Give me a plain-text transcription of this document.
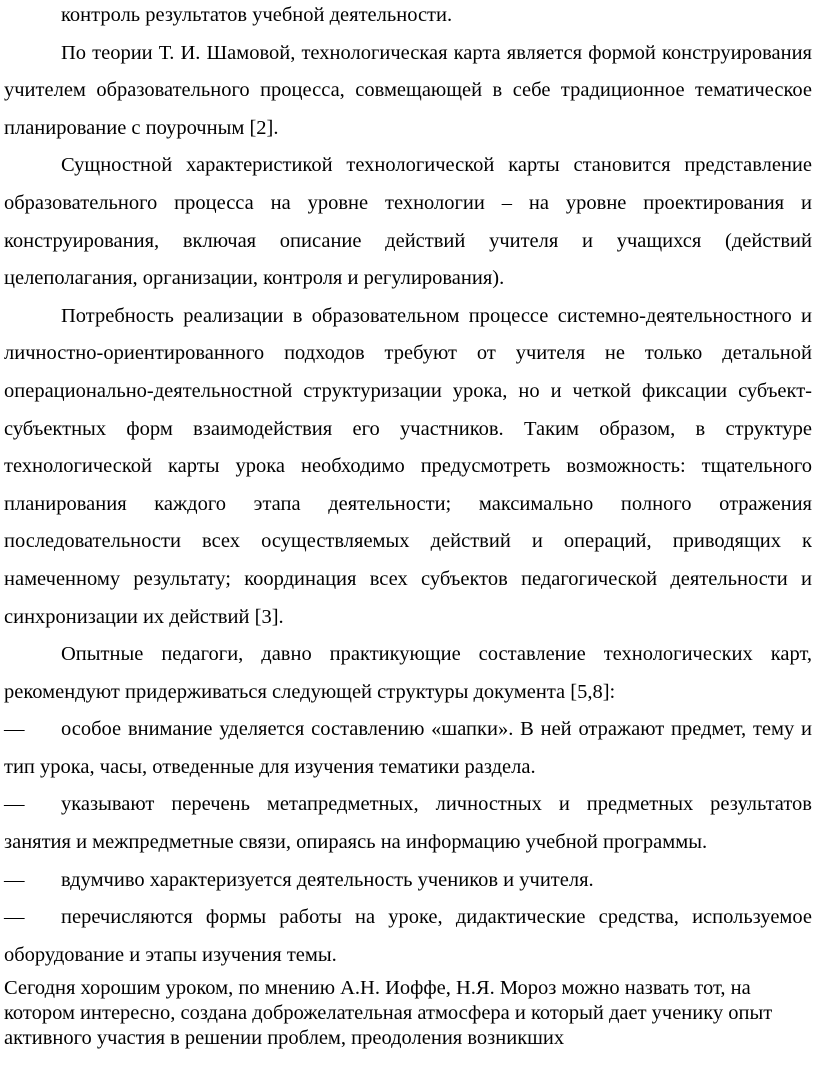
контроль результатов учебной деятельности.

По теории Т. И. Шамовой, технологическая карта является формой конструирования учителем образовательного процесса, совмещающей в себе традиционное тематическое планирование с поурочным [2].

Сущностной характеристикой технологической карты становится представление образовательного процесса на уровне технологии – на уровне проектирования и конструирования, включая описание действий учителя и учащихся (действий целеполагания, организации, контроля и регулирования).

Потребность реализации в образовательном процессе системно-деятельностного и личностно-ориентированного подходов требуют от учителя не только детальной операционально-деятельностной структуризации урока, но и четкой фиксации субъект-субъектных форм взаимодействия его участников. Таким образом, в структуре технологической карты урока необходимо предусмотреть возможность: тщательного планирования каждого этапа деятельности; максимально полного отражения последовательности всех осуществляемых действий и операций, приводящих к намеченному результату; координация всех субъектов педагогической деятельности и синхронизации их действий [3].

Опытные педагоги, давно практикующие составление технологических карт, рекомендуют придерживаться следующей структуры документа [5,8]:

— особое внимание уделяется составлению «шапки». В ней отражают предмет, тему и тип урока, часы, отведенные для изучения тематики раздела.

— указывают перечень метапредметных, личностных и предметных результатов занятия и межпредметные связи, опираясь на информацию учебной программы.

— вдумчиво характеризуется деятельность учеников и учителя.

— перечисляются формы работы на уроке, дидактические средства, используемое оборудование и этапы изучения темы.

Сегодня хорошим уроком, по мнению А.Н. Иоффе, Н.Я. Мороз можно назвать тот, на котором интересно, создана доброжелательная атмосфера и который дает ученику опыт активного участия в решении проблем, преодоления возникших
